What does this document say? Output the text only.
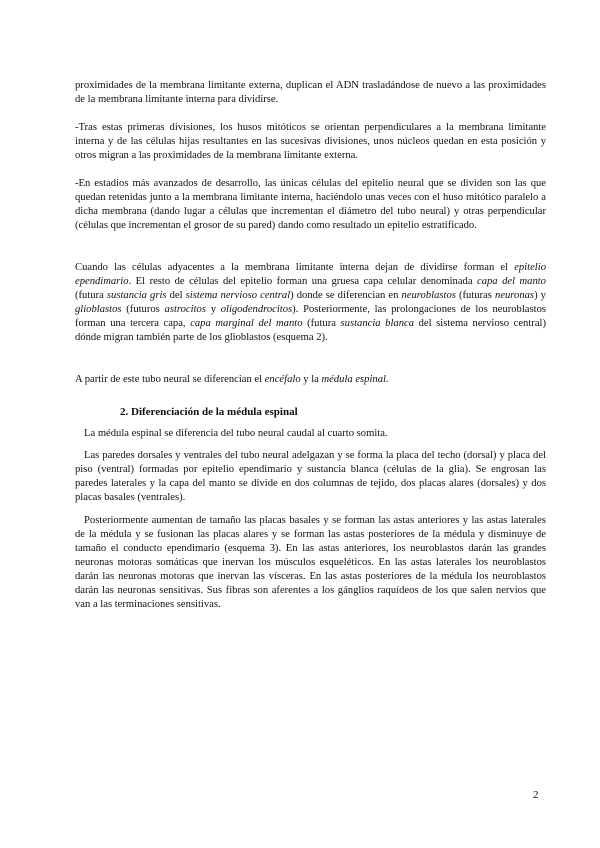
proximidades de la membrana limitante externa, duplican el ADN trasladándose de nuevo a las proximidades de la membrana limitante interna para dividirse.

-Tras estas primeras divisiones, los husos mitóticos se orientan perpendiculares a la membrana limitante interna y de las células hijas resultantes en las sucesivas divisiones, unos núcleos quedan en esta posición y otros migran a las proximidades de la membrana limitante externa.

-En estadios más avanzados de desarrollo, las únicas células del epitelio neural que se dividen son las que quedan retenidas junto a la membrana limitante interna, haciéndolo unas veces con el huso mitótico paralelo a dicha membrana (dando lugar a células que incrementan el diámetro del tubo neural) y otras perpendicular (células que incrementan el grosor de su pared) dando como resultado un epitelio estratificado.

Cuando las células adyacentes a la membrana limitante interna dejan de dividirse forman el epitelio ependimario. El resto de células del epitelio forman una gruesa capa celular denominada capa del manto (futura sustancia gris del sistema nervioso central) donde se diferencian en neuroblastos (futuras neuronas) y glioblastos (futuros astrocitos y oligodendrocitos). Posteriormente, las prolongaciones de los neuroblastos forman una tercera capa, capa marginal del manto (futura sustancia blanca del sistema nervioso central) dónde migran también parte de los glioblastos (esquema 2).

A partir de este tubo neural se diferencian el encéfalo y la médula espinal.

2. Diferenciación de la médula espinal

La médula espinal se diferencia del tubo neural caudal al cuarto somita.

Las paredes dorsales y ventrales del tubo neural adelgazan y se forma la placa del techo (dorsal) y placa del piso (ventral) formadas por epitelio ependimario y sustancia blanca (células de la glia). Se engrosan las paredes laterales y la capa del manto se divide en dos columnas de tejido, dos placas alares (dorsales) y dos placas basales (ventrales).

Posteriormente aumentan de tamaño las placas basales y se forman las astas anteriores y las astas laterales de la médula y se fusionan las placas alares y se forman las astas posteriores de la médula y disminuye de tamaño el conducto ependimario (esquema 3). En las astas anteriores, los neuroblastos darán las grandes neuronas motoras somáticas que inervan los músculos esqueléticos. En las astas laterales los neuroblastos darán las neuronas motoras que inervan las vísceras. En las astas posteriores de la médula los neuroblastos darán las neuronas sensitivas. Sus fibras son aferentes a los gánglios raquídeos de los que salen nervios que van a las terminaciones sensitivas.

2
